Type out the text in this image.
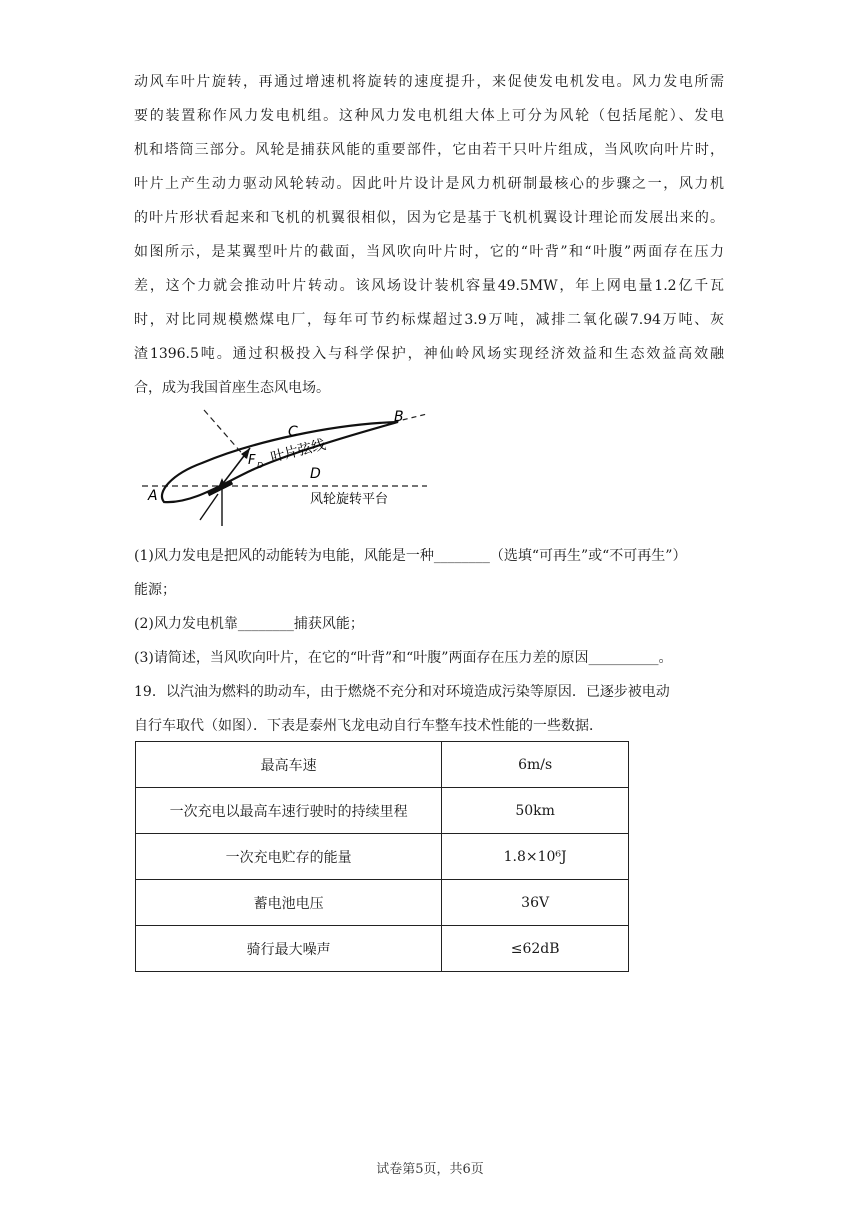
动风车叶片旋转，再通过增速机将旋转的速度提升，来促使发电机发电。风力发电所需
要的装置称作风力发电机组。这种风力发电机组大体上可分为风轮（包括尾舵）、发电
机和塔筒三部分。风轮是捕获风能的重要部件，它由若干只叶片组成，当风吹向叶片时，
叶片上产生动力驱动风轮转动。因此叶片设计是风力机研制最核心的步骤之一，风力机
的叶片形状看起来和飞机的机翼很相似，因为它是基于飞机机翼设计理论而发展出来的。
如图所示，是某翼型叶片的截面，当风吹向叶片时，它的“叶背”和“叶腹”两面存在压力
差，这个力就会推动叶片转动。该风场设计装机容量49.5MW，年上网电量1.2亿千瓦
时，对比同规模燃煤电厂，每年可节约标煤超过3.9万吨，减排二氧化碳7.94万吨、灰
渣1396.5吨。通过积极投入与科学保护，神仙岭风场实现经济效益和生态效益高效融
合，成为我国首座生态风电场。
A
B
C
D
F D 叶片弦线
风轮旋转平台
(1)风力发电是把风的动能转为电能，风能是一种________（选填“可再生”或“不可再生”）
能源；
(2)风力发电机靠________捕获风能；
(3)请简述，当风吹向叶片，在它的“叶背”和“叶腹”两面存在压力差的原因__________。
19．以汽油为燃料的助动车，由于燃烧不充分和对环境造成污染等原因．已逐步被电动
自行车取代（如图）．下表是泰州飞龙电动自行车整车技术性能的一些数据．
最高车速	6m/s
一次充电以最高车速行驶时的持续里程	50km
一次充电贮存的能量	1.8×10⁶J
蓄电池电压	36V
骑行最大噪声	≤62dB
试卷第5页，共6页
